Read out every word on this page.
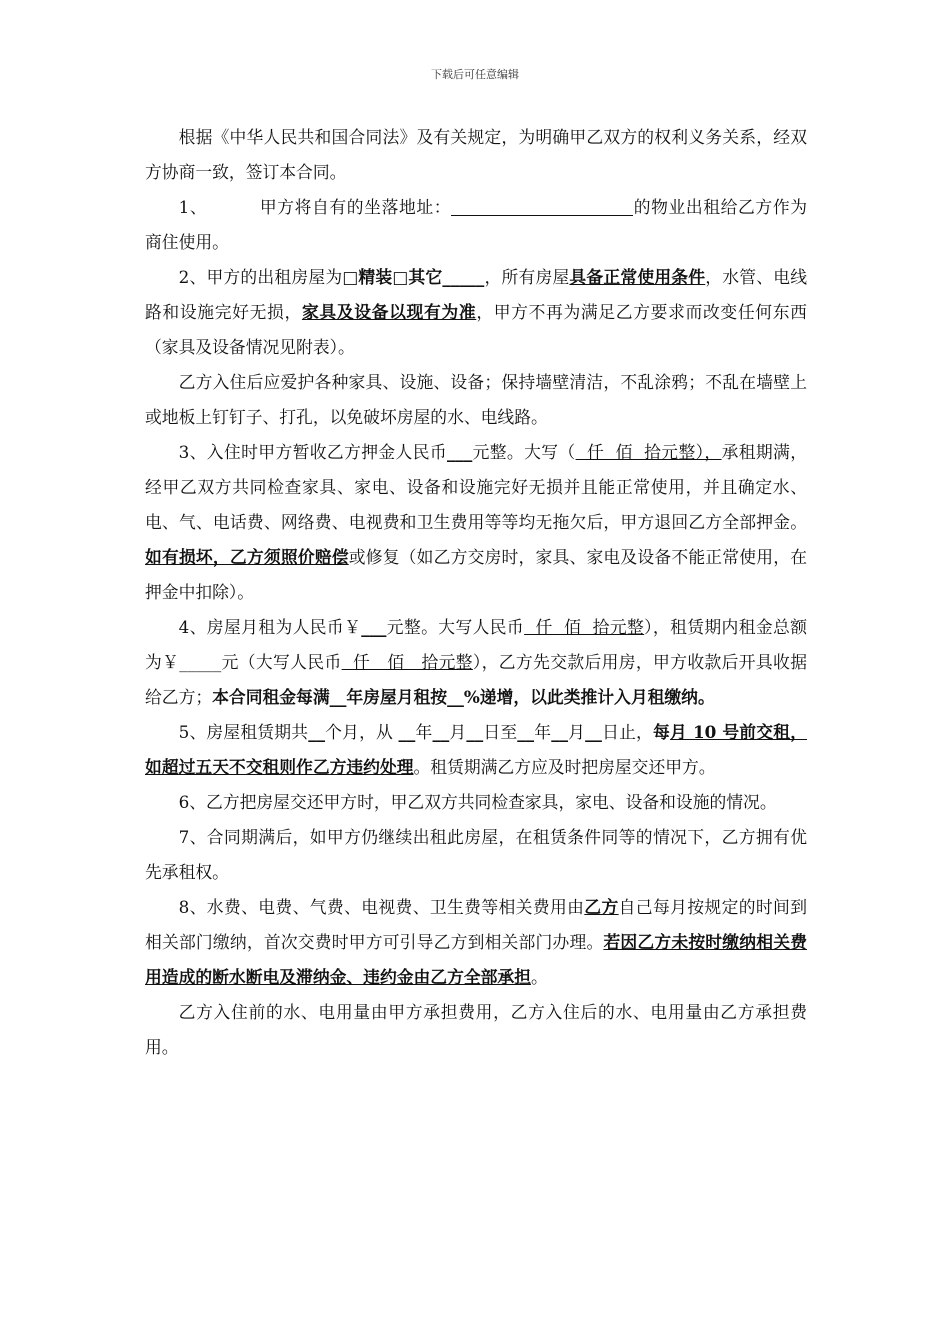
下载后可任意编辑

根据《中华人民共和国合同法》及有关规定，为明确甲乙双方的权利义务关系，经双方协商一致，签订本合同。

1、	甲方将自有的坐落地址：	的物业出租给乙方作为商住使用。

2、甲方的出租房屋为□精装□其它_____，所有房屋具备正常使用条件，水管、电线路和设施完好无损，家具及设备以现有为准，甲方不再为满足乙方要求而改变任何东西（家具及设备情况见附表）。

乙方入住后应爱护各种家具、设施、设备；保持墙壁清洁，不乱涂鸦；不乱在墙壁上或地板上钉钉子、打孔，以免破坏房屋的水、电线路。

3、入住时甲方暂收乙方押金人民币___元整。大写（  仟  佰  拾元整），承租期满，经甲乙双方共同检查家具、家电、设备和设施完好无损并且能正常使用，并且确定水、电、气、电话费、网络费、电视费和卫生费用等等均无拖欠后，甲方退回乙方全部押金。如有损坏，乙方须照价赔偿或修复（如乙方交房时，家具、家电及设备不能正常使用，在押金中扣除）。

4、房屋月租为人民币￥___元整。大写人民币  仟  佰  拾元整），租赁期内租金总额为￥_____元（大写人民币  仟   佰   拾元整），乙方先交款后用房，甲方收款后开具收据给乙方；本合同租金每满__年房屋月租按__%递增，以此类推计入月租缴纳。

5、房屋租赁期共__个月，从 __年__月__日至__年__月__日止，每月 10 号前交租，如超过五天不交租则作乙方违约处理。租赁期满乙方应及时把房屋交还甲方。

6、乙方把房屋交还甲方时，甲乙双方共同检查家具，家电、设备和设施的情况。

7、合同期满后，如甲方仍继续出租此房屋，在租赁条件同等的情况下，乙方拥有优先承租权。

8、水费、电费、气费、电视费、卫生费等相关费用由乙方自己每月按规定的时间到相关部门缴纳，首次交费时甲方可引导乙方到相关部门办理。若因乙方未按时缴纳相关费用造成的断水断电及滞纳金、违约金由乙方全部承担。

乙方入住前的水、电用量由甲方承担费用，乙方入住后的水、电用量由乙方承担费用。
